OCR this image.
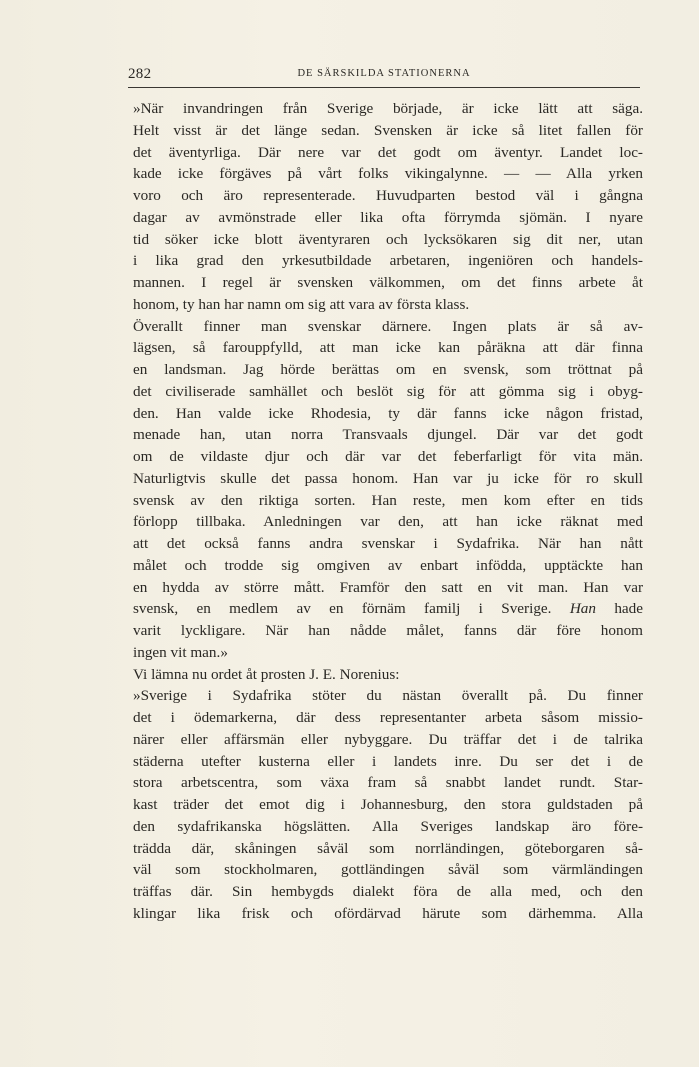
282	DE SÄRSKILDA STATIONERNA
»När invandringen från Sverige började, är icke lätt att säga.
Helt visst är det länge sedan. Svensken är icke så litet fallen för
det äventyrliga. Där nere var det godt om äventyr. Landet loc-
kade icke förgäves på vårt folks vikingalynne. — — Alla yrken
voro och äro representerade. Huvudparten bestod väl i gångna
dagar av avmönstrade eller lika ofta förrymda sjömän. I nyare
tid söker icke blott äventyraren och lycksökaren sig dit ner, utan
i lika grad den yrkesutbildade arbetaren, ingeniören och handels-
mannen. I regel är svensken välkommen, om det finns arbete åt
honom, ty han har namn om sig att vara av första klass.
Överallt finner man svenskar därnere. Ingen plats är så av-
lägsen, så farouppfylld, att man icke kan påräkna att där finna
en landsman. Jag hörde berättas om en svensk, som tröttnat på
det civiliserade samhället och beslöt sig för att gömma sig i obyg-
den. Han valde icke Rhodesia, ty där fanns icke någon fristad,
menade han, utan norra Transvaals djungel. Där var det godt
om de vildaste djur och där var det feberfarligt för vita män.
Naturligtvis skulle det passa honom. Han var ju icke för ro skull
svensk av den riktiga sorten. Han reste, men kom efter en tids
förlopp tillbaka. Anledningen var den, att han icke räknat med
att det också fanns andra svenskar i Sydafrika. När han nått
målet och trodde sig omgiven av enbart infödda, upptäckte han
en hydda av större mått. Framför den satt en vit man. Han var
svensk, en medlem av en förnäm familj i Sverige. Han hade
varit lyckligare. När han nådde målet, fanns där före honom
ingen vit man.»
Vi lämna nu ordet åt prosten J. E. Norenius:
»Sverige i Sydafrika stöter du nästan överallt på. Du finner
det i ödemarkerna, där dess representanter arbeta såsom missio-
närer eller affärsmän eller nybyggare. Du träffar det i de talrika
städerna utefter kusterna eller i landets inre. Du ser det i de
stora arbetscentra, som växa fram så snabbt landet rundt. Star-
kast träder det emot dig i Johannesburg, den stora guldstaden på
den sydafrikanska högslätten. Alla Sveriges landskap äro före-
trädda där, skåningen såväl som norrländingen, göteborgaren så-
väl som stockholmaren, gottländingen såväl som värmländingen
träffas där. Sin hembygds dialekt föra de alla med, och den
klingar lika frisk och ofördärvad härute som därhemma. Alla
